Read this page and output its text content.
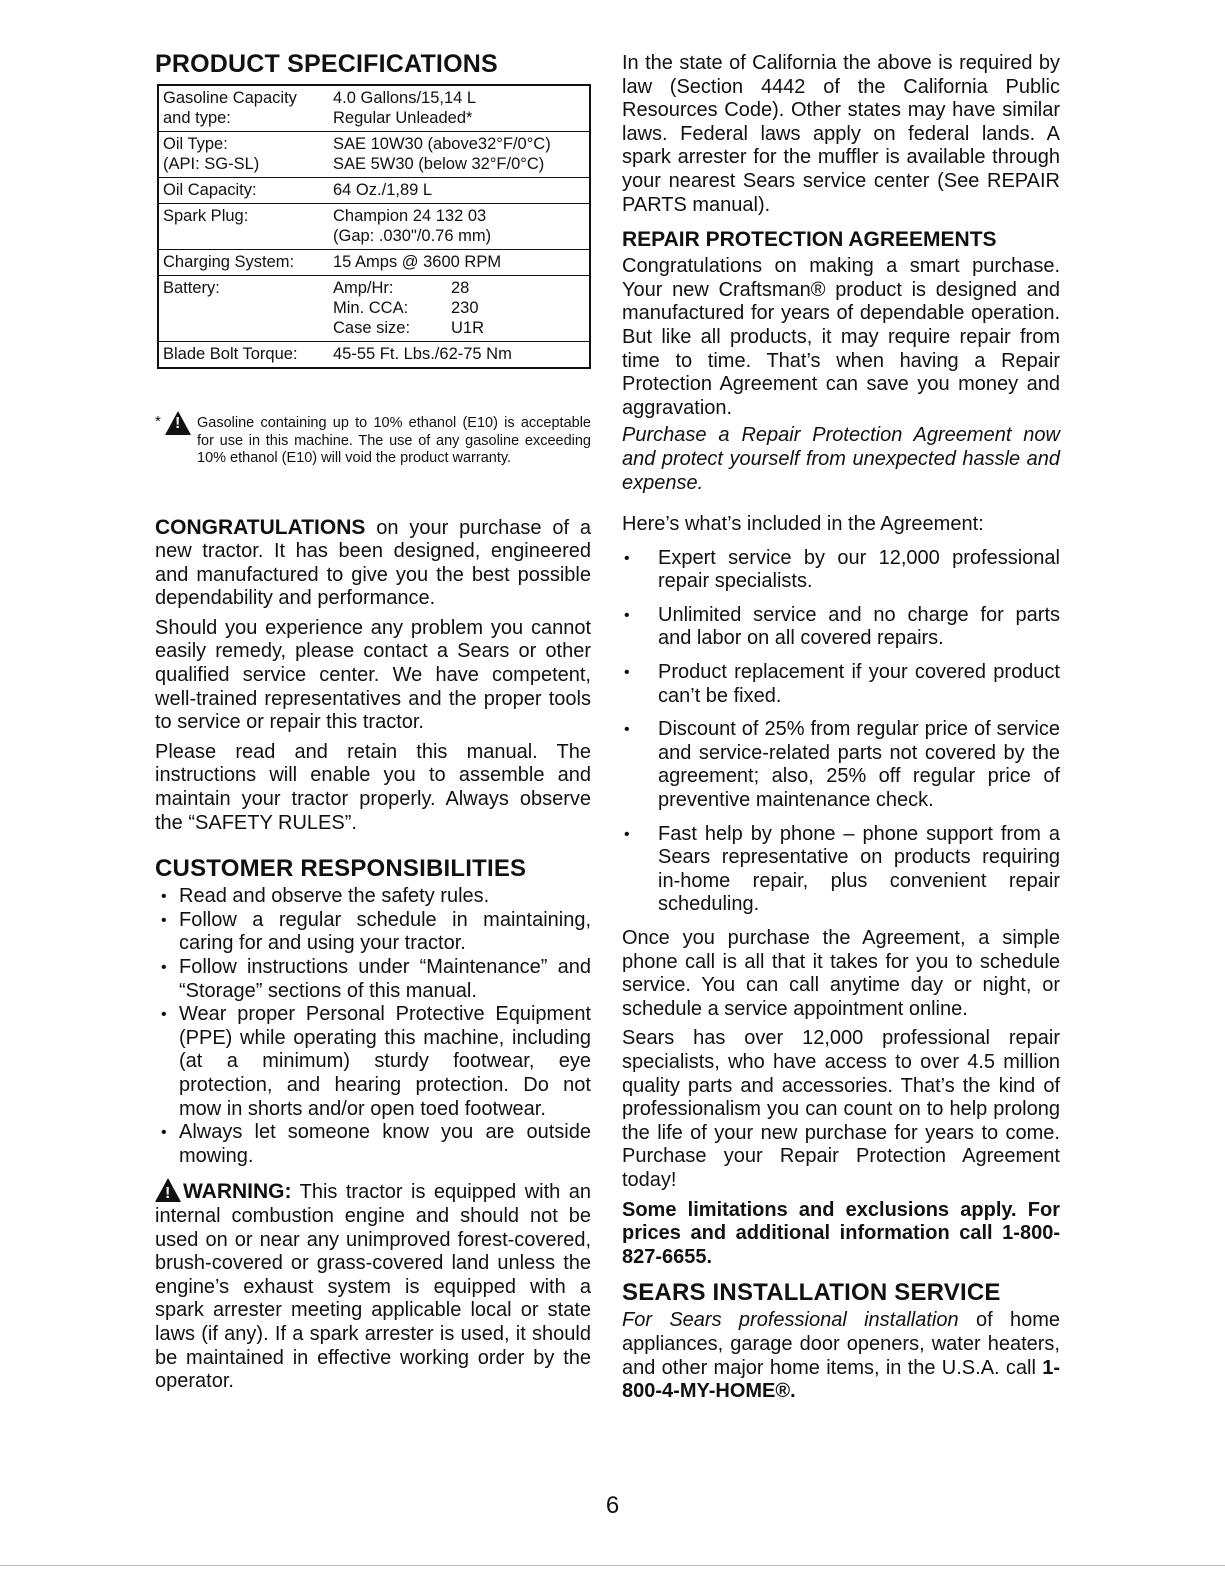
PRODUCT SPECIFICATIONS
Gasoline Capacity
and type:
4.0 Gallons/15,14 L
Regular Unleaded*
Oil Type:
(API: SG-SL)
SAE 10W30 (above32°F/0°C)
SAE 5W30 (below 32°F/0°C)
Oil Capacity:	64 Oz./1,89 L
Spark Plug:	Champion 24 132 03
(Gap: .030"/0.76 mm)
Charging System:	15 Amps @ 3600 RPM
Battery:	Amp/Hr:	28
Min. CCA:	230
Case size:	U1R
Blade Bolt Torque:	45-55 Ft. Lbs./62-75 Nm
*
! Gasoline containing up to 10% ethanol (E10) is acceptable for use in this machine. The use of any gasoline exceeding 10% ethanol (E10) will void the product warranty.

CONGRATULATIONS on your purchase of a new tractor. It has been designed, engineered and manufactured to give you the best possible dependability and performance.

Should you experience any problem you cannot easily remedy, please contact a Sears or other qualified service center. We have competent, well-trained representatives and the proper tools to service or repair this tractor.

Please read and retain this manual. The instructions will enable you to assemble and maintain your tractor properly. Always observe the “SAFETY RULES”.

CUSTOMER RESPONSIBILITIES
• Read and observe the safety rules.
• Follow a regular schedule in maintaining, caring for and using your tractor.
• Follow instructions under “Maintenance” and “Storage” sections of this manual.
• Wear proper Personal Protective Equipment (PPE) while operating this machine, including (at a minimum) sturdy footwear, eye protection, and hearing protection. Do not mow in shorts and/or open toed footwear.
• Always let someone know you are outside mowing.

!WARNING: This tractor is equipped with an internal combustion engine and should not be used on or near any unimproved forest-covered, brush-covered or grass-covered land unless the engine’s exhaust system is equipped with a spark arrester meeting applicable local or state laws (if any). If a spark arrester is used, it should be maintained in effective working order by the operator.

In the state of California the above is required by law (Section 4442 of the California Public Resources Code). Other states may have similar laws. Federal laws apply on federal lands. A spark arrester for the muffler is available through your nearest Sears service center (See REPAIR PARTS manual).

REPAIR PROTECTION AGREEMENTS

Congratulations on making a smart purchase. Your new Craftsman® product is designed and manufactured for years of dependable operation. But like all products, it may require repair from time to time. That’s when having a Repair Protection Agreement can save you money and aggravation.

Purchase a Repair Protection Agreement now and protect yourself from unexpected hassle and expense.

Here’s what’s included in the Agreement:

• Expert service by our 12,000 professional repair specialists.
• Unlimited service and no charge for parts and labor on all covered repairs.
• Product replacement if your covered product can’t be fixed.
• Discount of 25% from regular price of service and service-related parts not covered by the agreement; also, 25% off regular price of preventive maintenance check.
• Fast help by phone – phone support from a Sears representative on products requiring in-home repair, plus convenient repair scheduling.

Once you purchase the Agreement, a simple phone call is all that it takes for you to schedule service. You can call anytime day or night, or schedule a service appointment online.

Sears has over 12,000 professional repair specialists, who have access to over 4.5 million quality parts and accessories. That’s the kind of professionalism you can count on to help prolong the life of your new purchase for years to come. Purchase your Repair Protection Agreement today!

Some limitations and exclusions apply. For prices and additional information call 1-800-827-6655.

SEARS INSTALLATION SERVICE

For Sears professional installation of home appliances, garage door openers, water heaters, and other major home items, in the U.S.A. call 1-800-4-MY-HOME®.

6
